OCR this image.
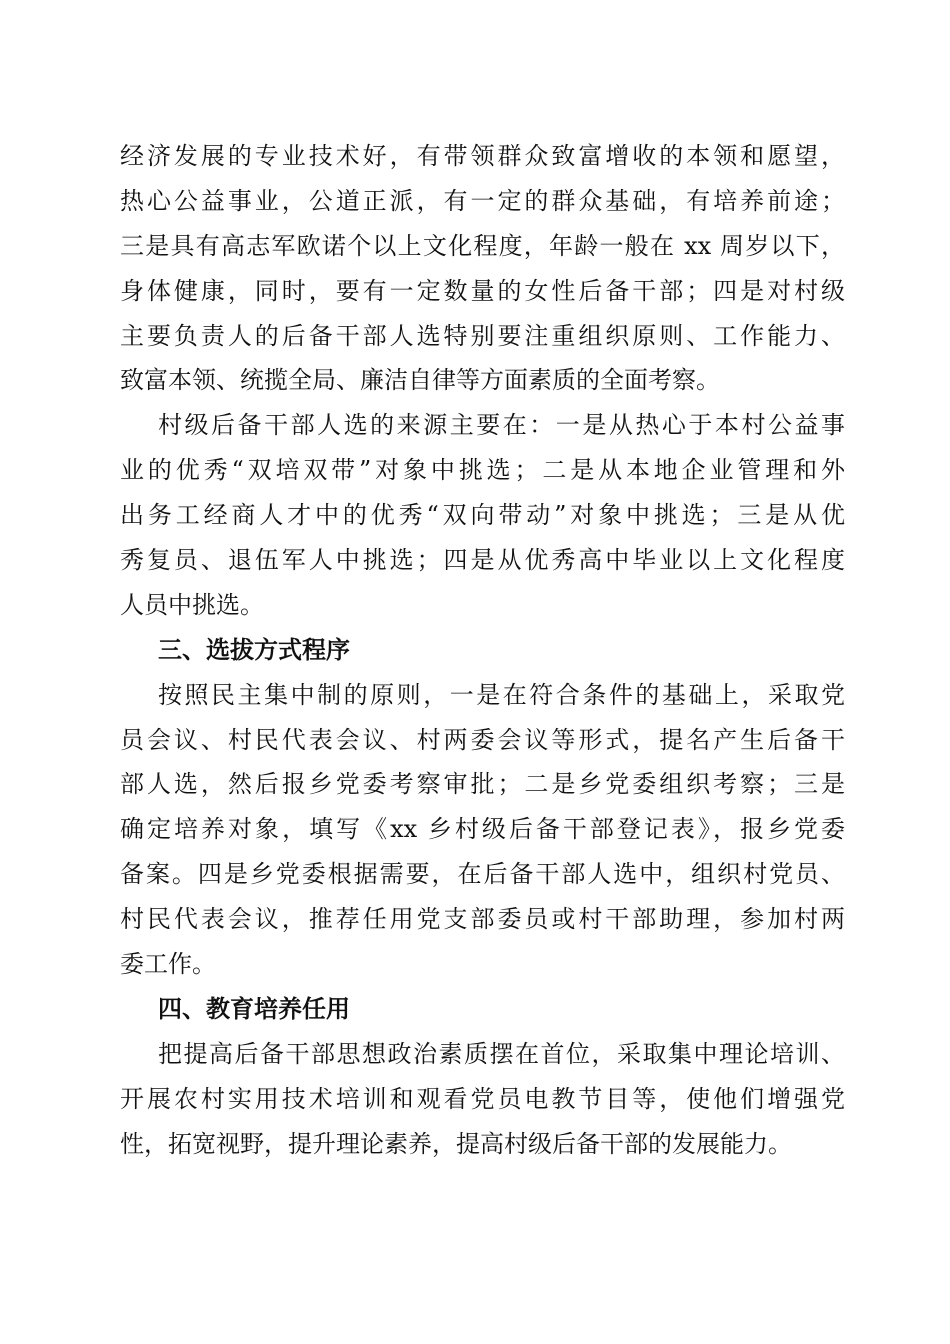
经济发展的专业技术好，有带领群众致富增收的本领和愿望，
热心公益事业，公道正派，有一定的群众基础，有培养前途；
三是具有高志军欧诺个以上文化程度，年龄一般在 xx 周岁以下，
身体健康，同时，要有一定数量的女性后备干部；四是对村级
主要负责人的后备干部人选特别要注重组织原则、工作能力、
致富本领、统揽全局、廉洁自律等方面素质的全面考察。
村级后备干部人选的来源主要在：一是从热心于本村公益事
业的优秀“双培双带”对象中挑选；二是从本地企业管理和外
出务工经商人才中的优秀“双向带动”对象中挑选；三是从优
秀复员、退伍军人中挑选；四是从优秀高中毕业以上文化程度
人员中挑选。
三、选拔方式程序
按照民主集中制的原则，一是在符合条件的基础上，采取党
员会议、村民代表会议、村两委会议等形式，提名产生后备干
部人选，然后报乡党委考察审批；二是乡党委组织考察；三是
确定培养对象，填写《xx 乡村级后备干部登记表》，报乡党委
备案。四是乡党委根据需要，在后备干部人选中，组织村党员、
村民代表会议，推荐任用党支部委员或村干部助理，参加村两
委工作。
四、教育培养任用
把提高后备干部思想政治素质摆在首位，采取集中理论培训、
开展农村实用技术培训和观看党员电教节目等，使他们增强党
性，拓宽视野，提升理论素养，提高村级后备干部的发展能力。
